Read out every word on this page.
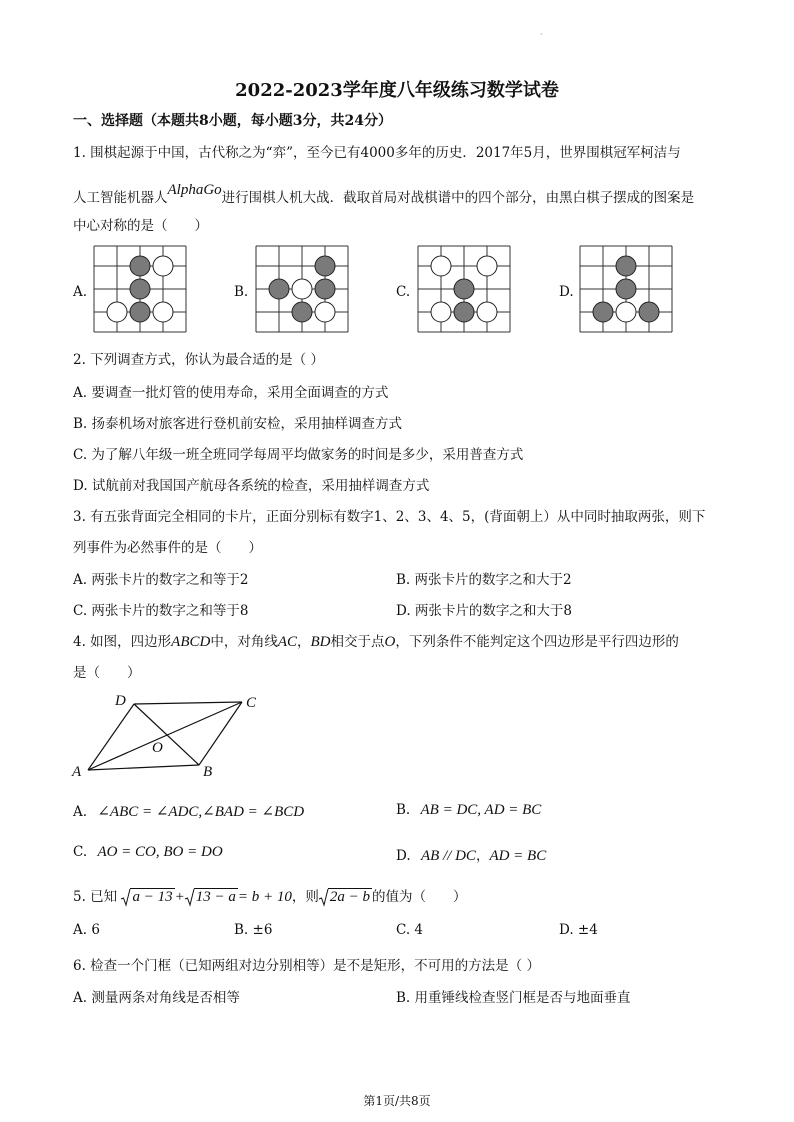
·
2022-2023学年度八年级练习数学试卷
一、选择题（本题共8小题，每小题3分，共24分）
1. 围棋起源于中国，古代称之为“弈”，至今已有4000多年的历史．2017年5月，世界围棋冠军柯洁与
人工智能机器人AlphaGo进行围棋人机大战．截取首局对战棋谱中的四个部分，由黑白棋子摆成的图案是
中心对称的是（　　）
A.	B.	C.	D.
2. 下列调查方式，你认为最合适的是（ ）
A. 要调查一批灯管的使用寿命，采用全面调查的方式
B. 扬泰机场对旅客进行登机前安检，采用抽样调查方式
C. 为了解八年级一班全班同学每周平均做家务的时间是多少，采用普查方式
D. 试航前对我国国产航母各系统的检查，采用抽样调查方式
3. 有五张背面完全相同的卡片，正面分别标有数字1、2、3、4、5，(背面朝上）从中同时抽取两张，则下
列事件为必然事件的是（　　）
A. 两张卡片的数字之和等于2	B. 两张卡片的数字之和大于2
C. 两张卡片的数字之和等于8	D. 两张卡片的数字之和大于8
4. 如图，四边形ABCD中，对角线AC，BD相交于点O，下列条件不能判定这个四边形是平行四边形的
是（　　）
A	B
C
D
O
A. ∠ABC = ∠ADC,∠BAD = ∠BCD	B. AB = DC, AD = BC
C. AO = CO, BO = DO	D. AB // DC，AD = BC
5. 已知 a − 13 + 13 − a = b + 10，则 2a − b 的值为（　　）
A. 6	B. ±6	C. 4	D. ±4
6. 检查一个门框（已知两组对边分别相等）是不是矩形，不可用的方法是（ ）
A. 测量两条对角线是否相等	B. 用重锤线检查竖门框是否与地面垂直
第1页/共8页
